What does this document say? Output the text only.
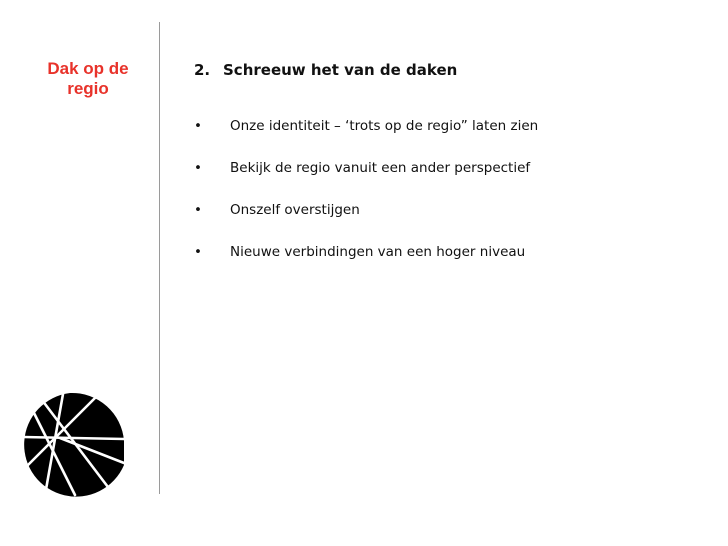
Dak op de regio
2. Schreeuw het van de daken
• Onze identiteit – ‘trots op de regio” laten zien
• Bekijk de regio vanuit een ander perspectief
• Onszelf overstijgen
• Nieuwe verbindingen van een hoger niveau
